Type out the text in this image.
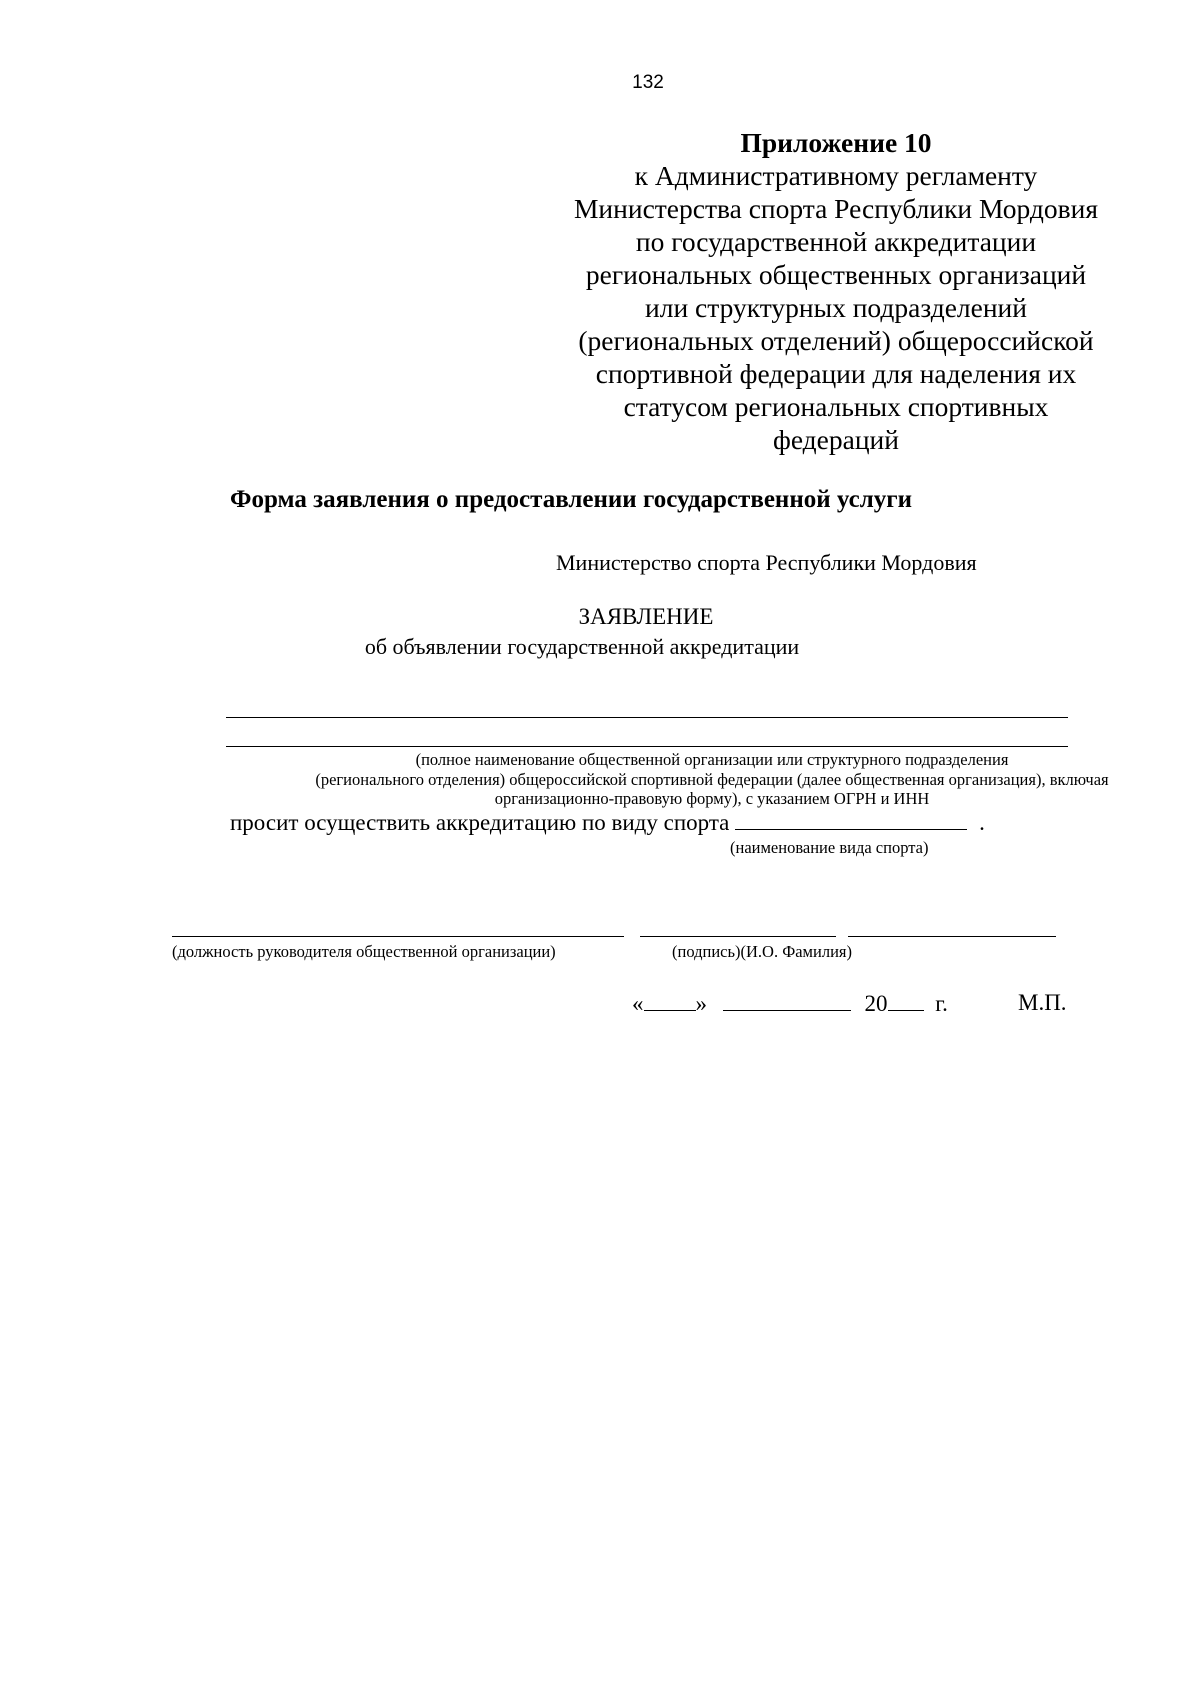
132
Приложение 10
к Административному регламенту
Министерства спорта Республики Мордовия
по государственной аккредитации
региональных общественных организаций
или структурных подразделений
(региональных отделений) общероссийской
спортивной федерации для наделения их
статусом региональных спортивных
федераций
Форма заявления о предоставлении государственной услуги
Министерство спорта Республики Мордовия
ЗАЯВЛЕНИЕ
об объявлении государственной аккредитации
(полное наименование общественной организации или структурного подразделения
(регионального отделения) общероссийской спортивной федерации (далее общественная организация), включая
организационно-правовую форму), с указанием ОГРН и ИНН
просит осуществить аккредитацию по виду спорта	.
(наименование вида спорта)
(должность руководителя общественной организации)	(подпись)(И.О. Фамилия)
« »	20 г.	М.П.
